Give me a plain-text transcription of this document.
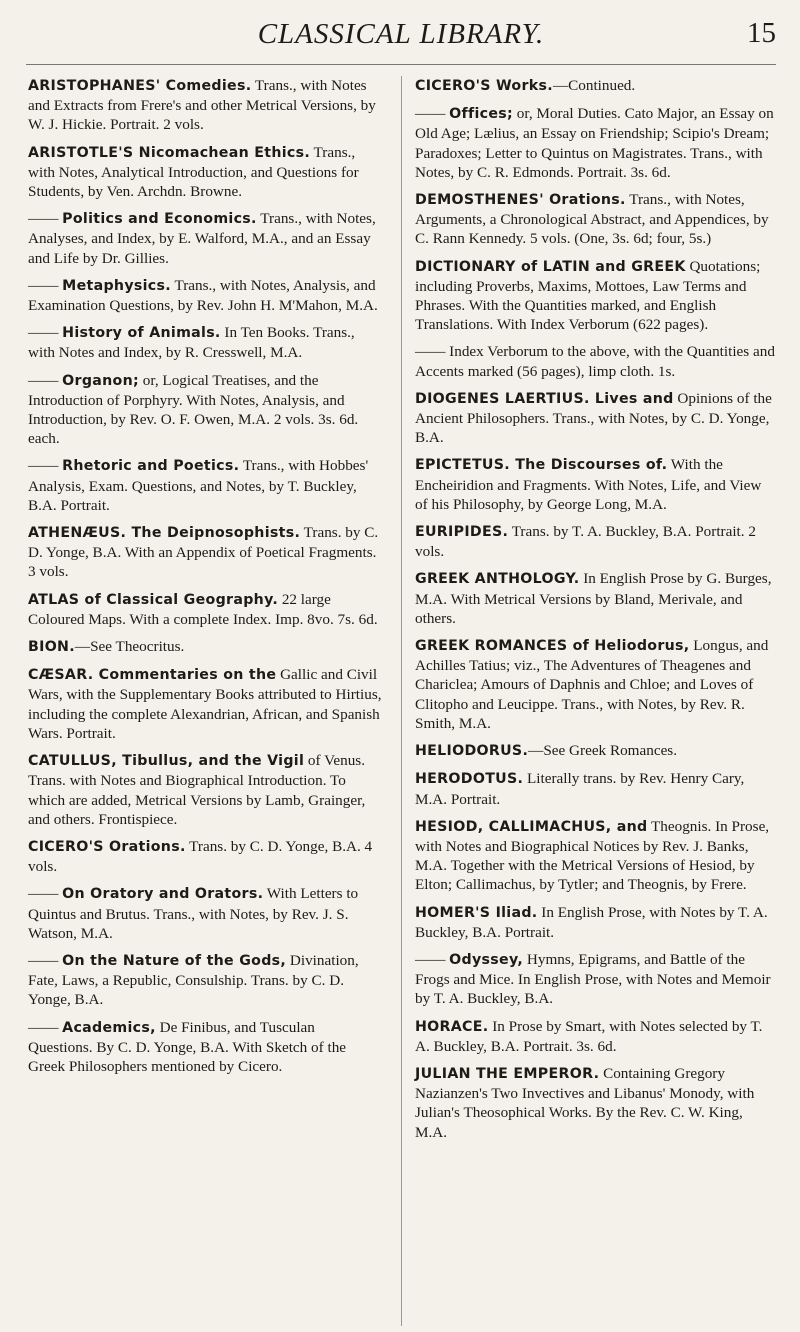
CLASSICAL LIBRARY.	15
ARISTOPHANES' Comedies. Trans., with Notes and Extracts from Frere's and other Metrical Versions, by W. J. Hickie. Portrait. 2 vols.
ARISTOTLE'S Nicomachean Ethics. Trans., with Notes, Analytical Introduction, and Questions for Students, by Ven. Archdn. Browne.
—— Politics and Economics. Trans., with Notes, Analyses, and Index, by E. Walford, M.A., and an Essay and Life by Dr. Gillies.
—— Metaphysics. Trans., with Notes, Analysis, and Examination Questions, by Rev. John H. M'Mahon, M.A.
—— History of Animals. In Ten Books. Trans., with Notes and Index, by R. Cresswell, M.A.
—— Organon; or, Logical Treatises, and the Introduction of Porphyry. With Notes, Analysis, and Introduction, by Rev. O. F. Owen, M.A. 2 vols. 3s. 6d. each.
—— Rhetoric and Poetics. Trans., with Hobbes' Analysis, Exam. Questions, and Notes, by T. Buckley, B.A. Portrait.
ATHENÆUS. The Deipnosophists. Trans. by C. D. Yonge, B.A. With an Appendix of Poetical Fragments. 3 vols.
ATLAS of Classical Geography. 22 large Coloured Maps. With a complete Index. Imp. 8vo. 7s. 6d.
BION.—See Theocritus.
CÆSAR. Commentaries on the Gallic and Civil Wars, with the Supplementary Books attributed to Hirtius, including the complete Alexandrian, African, and Spanish Wars. Portrait.
CATULLUS, Tibullus, and the Vigil of Venus. Trans. with Notes and Biographical Introduction. To which are added, Metrical Versions by Lamb, Grainger, and others. Frontispiece.
CICERO'S Orations. Trans. by C. D. Yonge, B.A. 4 vols.
—— On Oratory and Orators. With Letters to Quintus and Brutus. Trans., with Notes, by Rev. J. S. Watson, M.A.
—— On the Nature of the Gods, Divination, Fate, Laws, a Republic, Consulship. Trans. by C. D. Yonge, B.A.
—— Academics, De Finibus, and Tusculan Questions. By C. D. Yonge, B.A. With Sketch of the Greek Philosophers mentioned by Cicero.
CICERO'S Works.—Continued.
—— Offices; or, Moral Duties. Cato Major, an Essay on Old Age; Lælius, an Essay on Friendship; Scipio's Dream; Paradoxes; Letter to Quintus on Magistrates. Trans., with Notes, by C. R. Edmonds. Portrait. 3s. 6d.
DEMOSTHENES' Orations. Trans., with Notes, Arguments, a Chronological Abstract, and Appendices, by C. Rann Kennedy. 5 vols. (One, 3s. 6d; four, 5s.)
DICTIONARY of LATIN and GREEK Quotations; including Proverbs, Maxims, Mottoes, Law Terms and Phrases. With the Quantities marked, and English Translations. With Index Verborum (622 pages).
—— Index Verborum to the above, with the Quantities and Accents marked (56 pages), limp cloth. 1s.
DIOGENES LAERTIUS. Lives and Opinions of the Ancient Philosophers. Trans., with Notes, by C. D. Yonge, B.A.
EPICTETUS. The Discourses of. With the Encheiridion and Fragments. With Notes, Life, and View of his Philosophy, by George Long, M.A.
EURIPIDES. Trans. by T. A. Buckley, B.A. Portrait. 2 vols.
GREEK ANTHOLOGY. In English Prose by G. Burges, M.A. With Metrical Versions by Bland, Merivale, and others.
GREEK ROMANCES of Heliodorus, Longus, and Achilles Tatius; viz., The Adventures of Theagenes and Chariclea; Amours of Daphnis and Chloe; and Loves of Clitopho and Leucippe. Trans., with Notes, by Rev. R. Smith, M.A.
HELIODORUS.—See Greek Romances.
HERODOTUS. Literally trans. by Rev. Henry Cary, M.A. Portrait.
HESIOD, CALLIMACHUS, and Theognis. In Prose, with Notes and Biographical Notices by Rev. J. Banks, M.A. Together with the Metrical Versions of Hesiod, by Elton; Callimachus, by Tytler; and Theognis, by Frere.
HOMER'S Iliad. In English Prose, with Notes by T. A. Buckley, B.A. Portrait.
—— Odyssey, Hymns, Epigrams, and Battle of the Frogs and Mice. In English Prose, with Notes and Memoir by T. A. Buckley, B.A.
HORACE. In Prose by Smart, with Notes selected by T. A. Buckley, B.A. Portrait. 3s. 6d.
JULIAN THE EMPEROR. Containing Gregory Nazianzen's Two Invectives and Libanus' Monody, with Julian's Theosophical Works. By the Rev. C. W. King, M.A.
